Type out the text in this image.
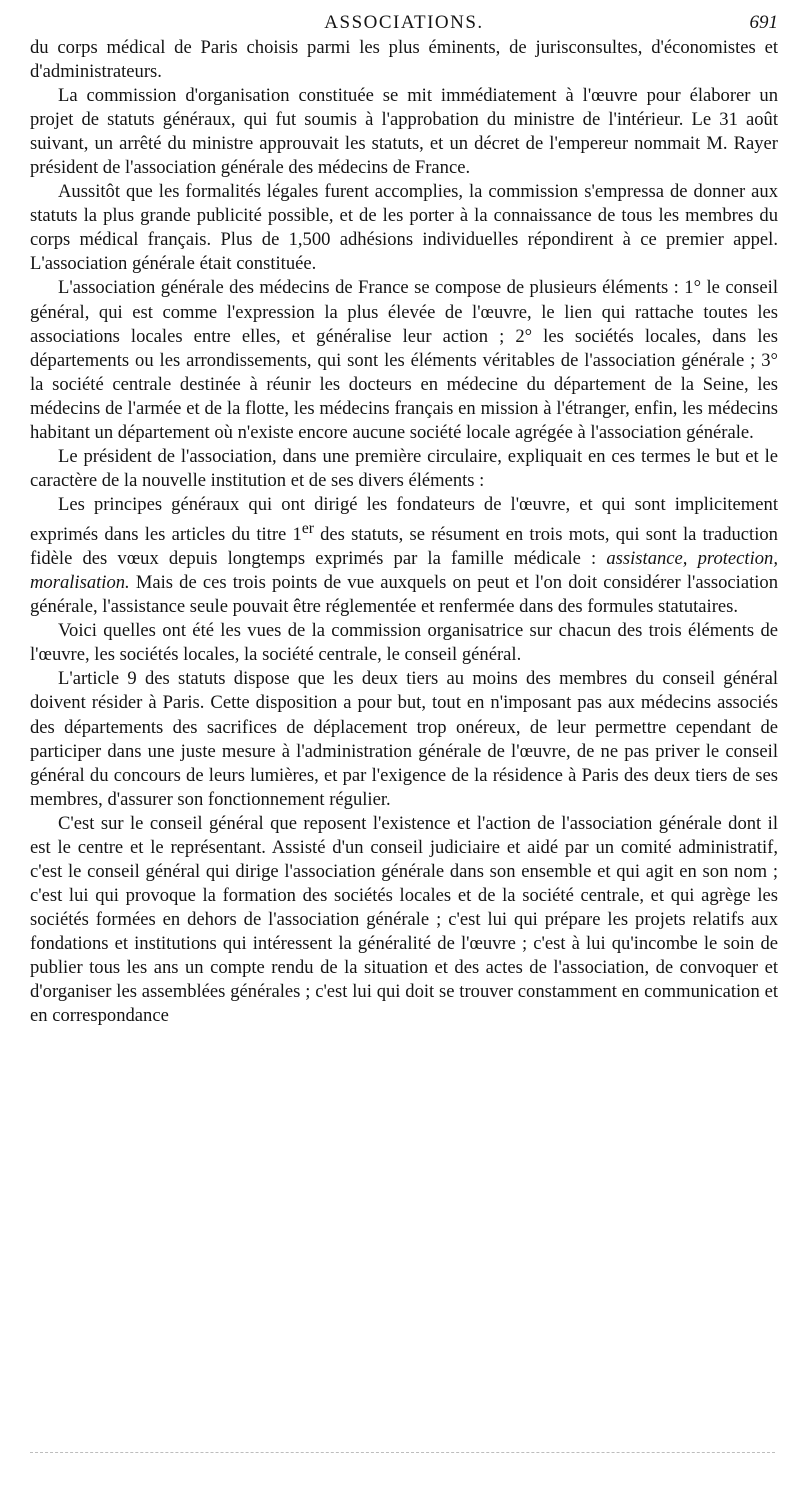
ASSOCIATIONS.	691

du corps médical de Paris choisis parmi les plus éminents, de jurisconsultes, d'économistes et d'administrateurs.

La commission d'organisation constituée se mit immédiatement à l'œuvre pour élaborer un projet de statuts généraux, qui fut soumis à l'approbation du ministre de l'intérieur. Le 31 août suivant, un arrêté du ministre approuvait les statuts, et un décret de l'empereur nommait M. Rayer président de l'association générale des médecins de France.

Aussitôt que les formalités légales furent accomplies, la commission s'empressa de donner aux statuts la plus grande publicité possible, et de les porter à la connaissance de tous les membres du corps médical français. Plus de 1,500 adhésions individuelles répondirent à ce premier appel. L'association générale était constituée.

L'association générale des médecins de France se compose de plusieurs éléments : 1° le conseil général, qui est comme l'expression la plus élevée de l'œuvre, le lien qui rattache toutes les associations locales entre elles, et généralise leur action ; 2° les sociétés locales, dans les départements ou les arrondissements, qui sont les éléments véritables de l'association générale ; 3° la société centrale destinée à réunir les docteurs en médecine du département de la Seine, les médecins de l'armée et de la flotte, les médecins français en mission à l'étranger, enfin, les médecins habitant un département où n'existe encore aucune société locale agrégée à l'association générale.

Le président de l'association, dans une première circulaire, expliquait en ces termes le but et le caractère de la nouvelle institution et de ses divers éléments :

Les principes généraux qui ont dirigé les fondateurs de l'œuvre, et qui sont implicitement exprimés dans les articles du titre 1er des statuts, se résument en trois mots, qui sont la traduction fidèle des vœux depuis longtemps exprimés par la famille médicale : assistance, protection, moralisation. Mais de ces trois points de vue auxquels on peut et l'on doit considérer l'association générale, l'assistance seule pouvait être réglementée et renfermée dans des formules statutaires.

Voici quelles ont été les vues de la commission organisatrice sur chacun des trois éléments de l'œuvre, les sociétés locales, la société centrale, le conseil général.

L'article 9 des statuts dispose que les deux tiers au moins des membres du conseil général doivent résider à Paris. Cette disposition a pour but, tout en n'imposant pas aux médecins associés des départements des sacrifices de déplacement trop onéreux, de leur permettre cependant de participer dans une juste mesure à l'administration générale de l'œuvre, de ne pas priver le conseil général du concours de leurs lumières, et par l'exigence de la résidence à Paris des deux tiers de ses membres, d'assurer son fonctionnement régulier.

C'est sur le conseil général que reposent l'existence et l'action de l'association générale dont il est le centre et le représentant. Assisté d'un conseil judiciaire et aidé par un comité administratif, c'est le conseil général qui dirige l'association générale dans son ensemble et qui agit en son nom ; c'est lui qui provoque la formation des sociétés locales et de la société centrale, et qui agrège les sociétés formées en dehors de l'association générale ; c'est lui qui prépare les projets relatifs aux fondations et institutions qui intéressent la généralité de l'œuvre ; c'est à lui qu'incombe le soin de publier tous les ans un compte rendu de la situation et des actes de l'association, de convoquer et d'organiser les assemblées générales ; c'est lui qui doit se trouver constamment en communication et en correspondance
